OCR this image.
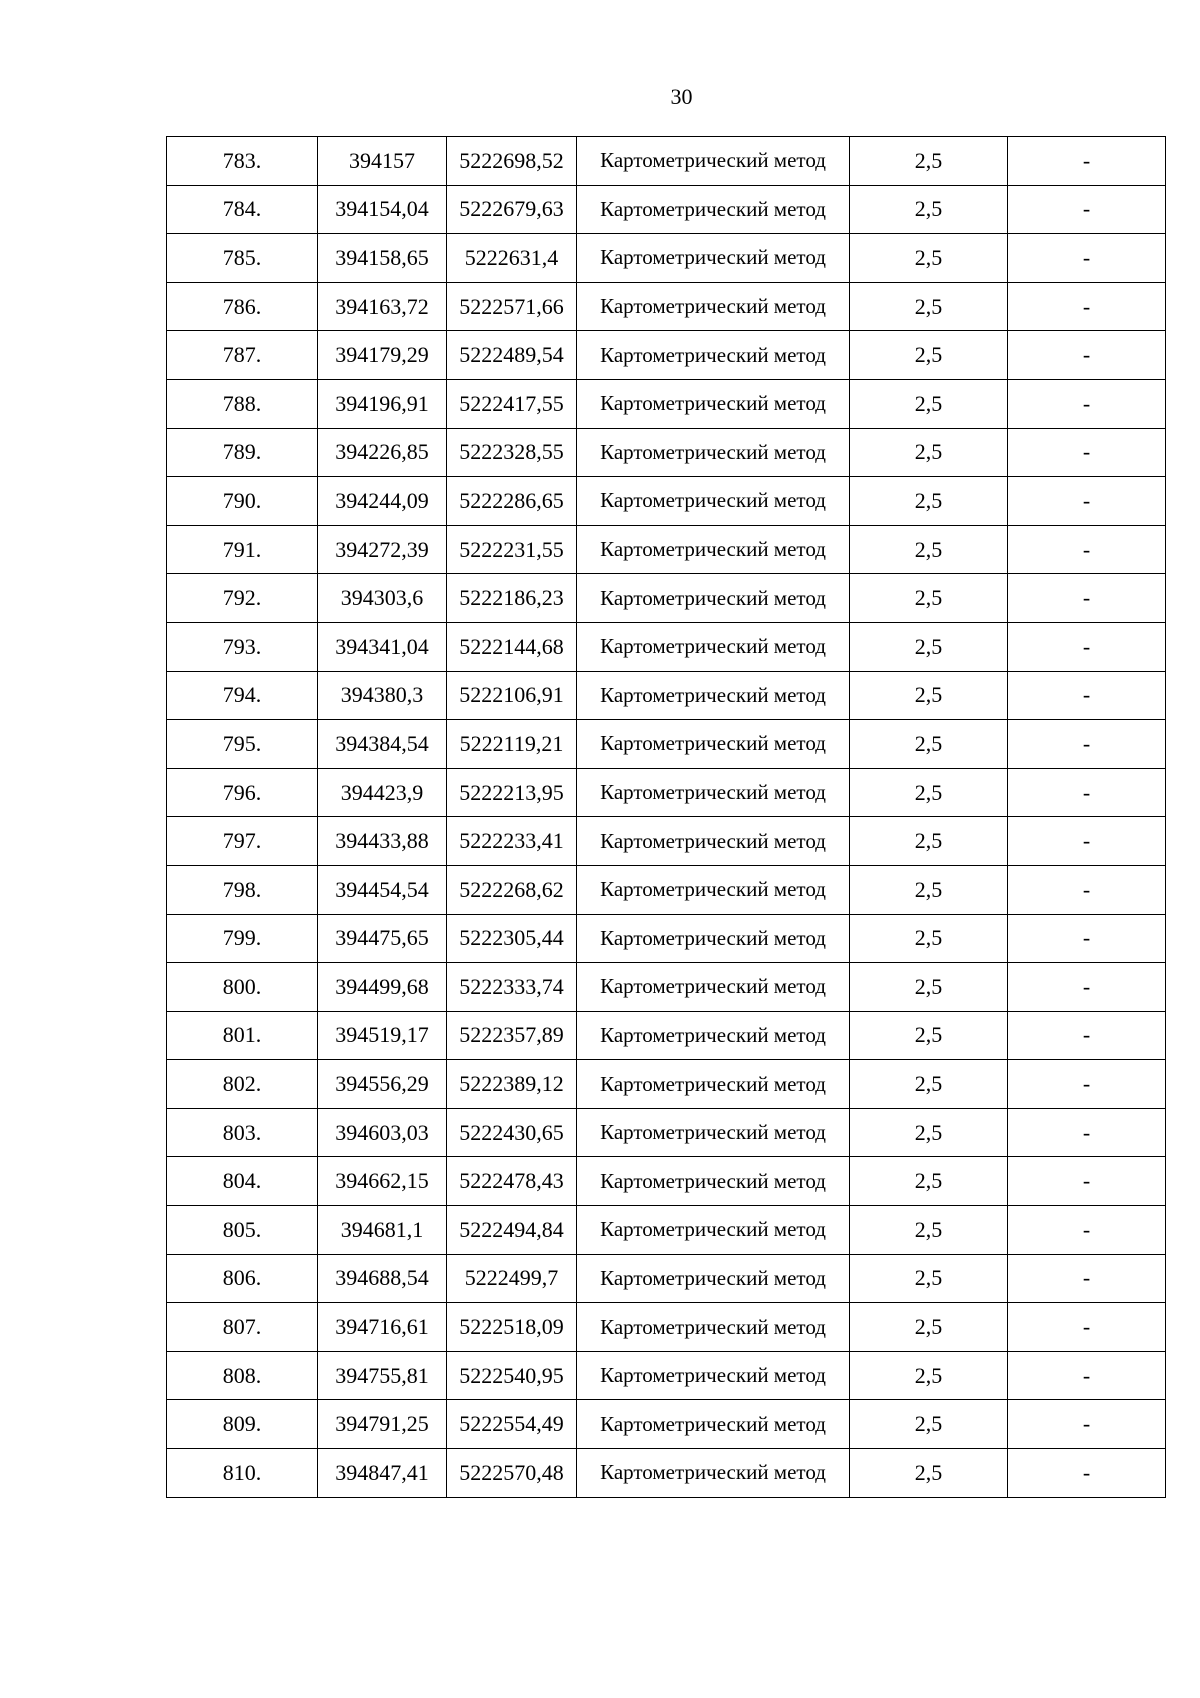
30
783.	394157	5222698,52	Картометрический метод	2,5	-
784.	394154,04	5222679,63	Картометрический метод	2,5	-
785.	394158,65	5222631,4	Картометрический метод	2,5	-
786.	394163,72	5222571,66	Картометрический метод	2,5	-
787.	394179,29	5222489,54	Картометрический метод	2,5	-
788.	394196,91	5222417,55	Картометрический метод	2,5	-
789.	394226,85	5222328,55	Картометрический метод	2,5	-
790.	394244,09	5222286,65	Картометрический метод	2,5	-
791.	394272,39	5222231,55	Картометрический метод	2,5	-
792.	394303,6	5222186,23	Картометрический метод	2,5	-
793.	394341,04	5222144,68	Картометрический метод	2,5	-
794.	394380,3	5222106,91	Картометрический метод	2,5	-
795.	394384,54	5222119,21	Картометрический метод	2,5	-
796.	394423,9	5222213,95	Картометрический метод	2,5	-
797.	394433,88	5222233,41	Картометрический метод	2,5	-
798.	394454,54	5222268,62	Картометрический метод	2,5	-
799.	394475,65	5222305,44	Картометрический метод	2,5	-
800.	394499,68	5222333,74	Картометрический метод	2,5	-
801.	394519,17	5222357,89	Картометрический метод	2,5	-
802.	394556,29	5222389,12	Картометрический метод	2,5	-
803.	394603,03	5222430,65	Картометрический метод	2,5	-
804.	394662,15	5222478,43	Картометрический метод	2,5	-
805.	394681,1	5222494,84	Картометрический метод	2,5	-
806.	394688,54	5222499,7	Картометрический метод	2,5	-
807.	394716,61	5222518,09	Картометрический метод	2,5	-
808.	394755,81	5222540,95	Картометрический метод	2,5	-
809.	394791,25	5222554,49	Картометрический метод	2,5	-
810.	394847,41	5222570,48	Картометрический метод	2,5	-
